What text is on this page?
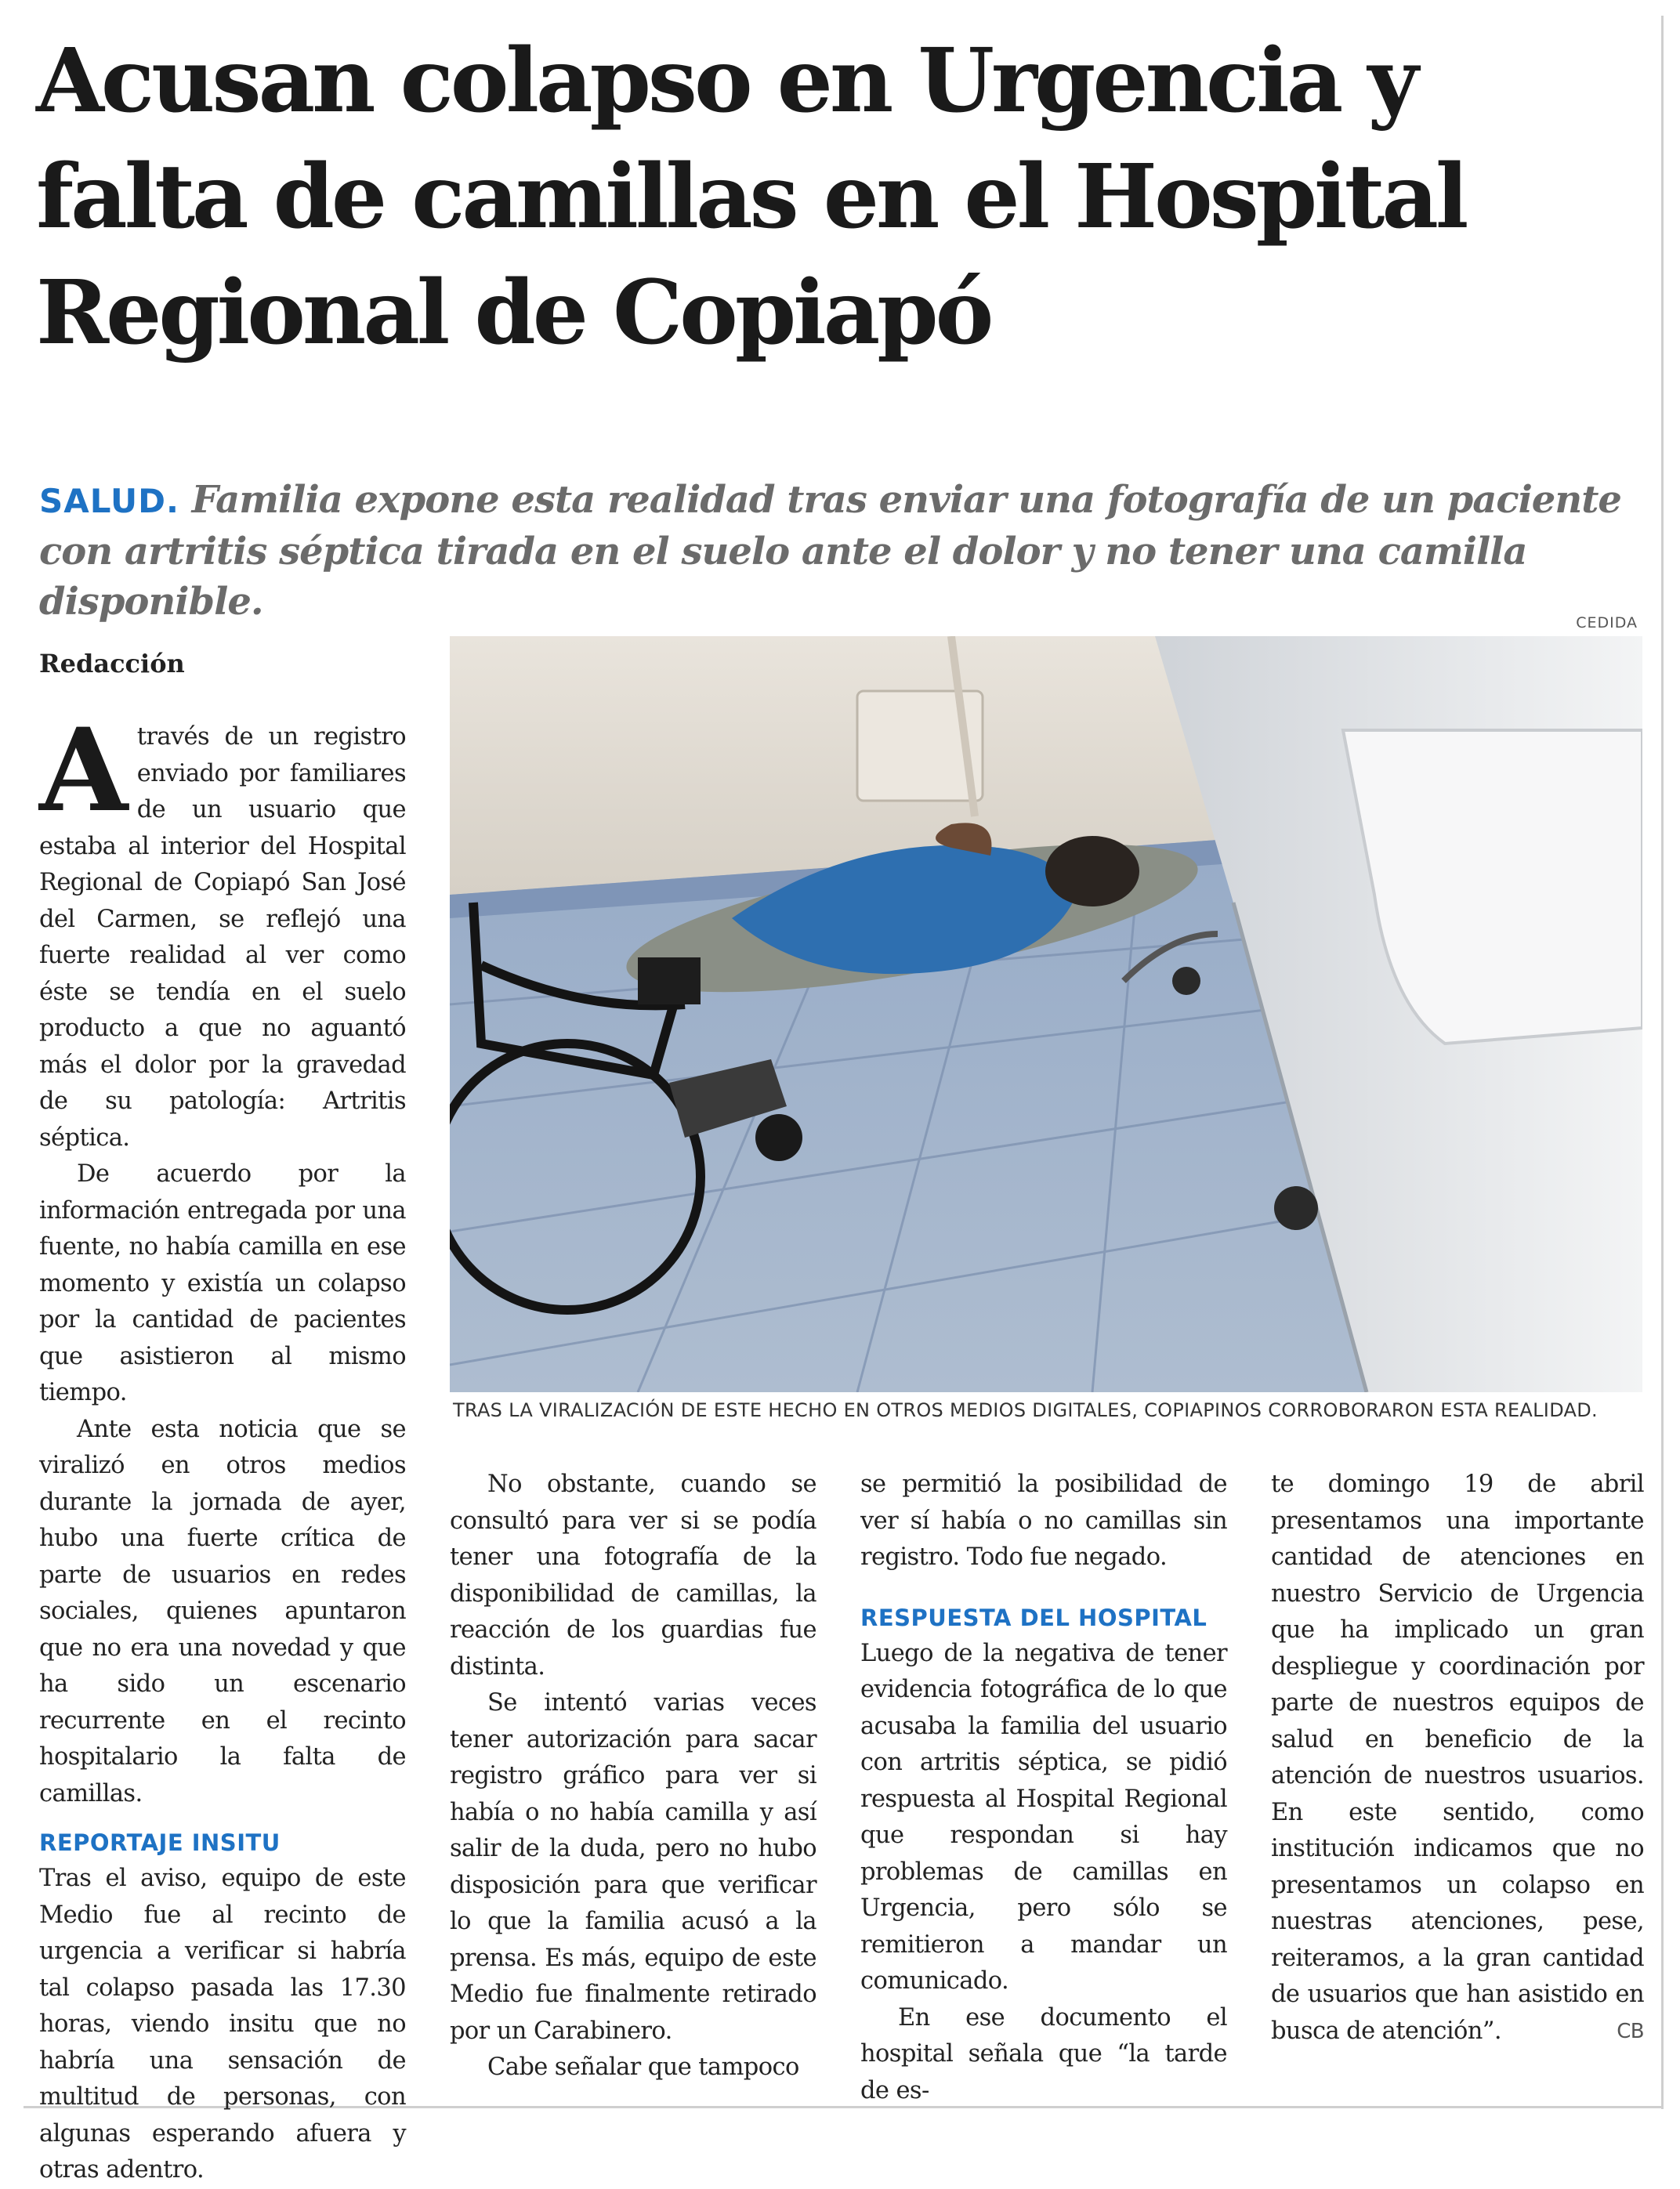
Acusan colapso en Urgencia y
falta de camillas en el Hospital
Regional de Copiapó
SALUD. Familia expone esta realidad tras enviar una fotografía de un paciente con artritis séptica tirada en el suelo ante el dolor y no tener una camilla disponible.	CEDIDA
Redacción

Através de un registro enviado por familiares de un usuario que estaba al interior del Hospital Regional de Copiapó San José del Carmen, se reflejó una fuerte realidad al ver como éste se tendía en el suelo producto a que no aguantó más el dolor por la gravedad de su patología: Artritis séptica.

De acuerdo por la información entregada por una fuente, no había camilla en ese momento y existía un colapso por la cantidad de pacientes que asistieron al mismo tiempo.

Ante esta noticia que se viralizó en otros medios durante la jornada de ayer, hubo una fuerte crítica de parte de usuarios en redes sociales, quienes apuntaron que no era una novedad y que ha sido un escenario recurrente en el recinto hospitalario la falta de camillas.

REPORTAJE INSITU

Tras el aviso, equipo de este Medio fue al recinto de urgencia a verificar si habría tal colapso pasada las 17.30 horas, viendo insitu que no habría una sensación de multitud de personas, con algunas esperando afuera y otras adentro.

TRAS LA VIRALIZACIÓN DE ESTE HECHO EN OTROS MEDIOS DIGITALES, COPIAPINOS CORROBORARON ESTA REALIDAD.

No obstante, cuando se consultó para ver si se podía tener una fotografía de la disponibilidad de camillas, la reacción de los guardias fue distinta.

Se intentó varias veces tener autorización para sacar registro gráfico para ver si había o no había camilla y así salir de la duda, pero no hubo disposición para que verificar lo que la familia acusó a la prensa. Es más, equipo de este Medio fue finalmente retirado por un Carabinero.

Cabe señalar que tampoco

se permitió la posibilidad de ver sí había o no camillas sin registro. Todo fue negado.

RESPUESTA DEL HOSPITAL

Luego de la negativa de tener evidencia fotográfica de lo que acusaba la familia del usuario con artritis séptica, se pidió respuesta al Hospital Regional que respondan si hay problemas de camillas en Urgencia, pero sólo se remitieron a mandar un comunicado.

En ese documento el hospital señala que “la tarde de es-

te domingo 19 de abril presentamos una importante cantidad de atenciones en nuestro Servicio de Urgencia que ha implicado un gran despliegue y coordinación por parte de nuestros equipos de salud en beneficio de la atención de nuestros usuarios. En este sentido, como institución indicamos que no presentamos un colapso en nuestras atenciones, pese, reiteramos, a la gran cantidad de usuarios que han asistido en busca de atención”.	CB
